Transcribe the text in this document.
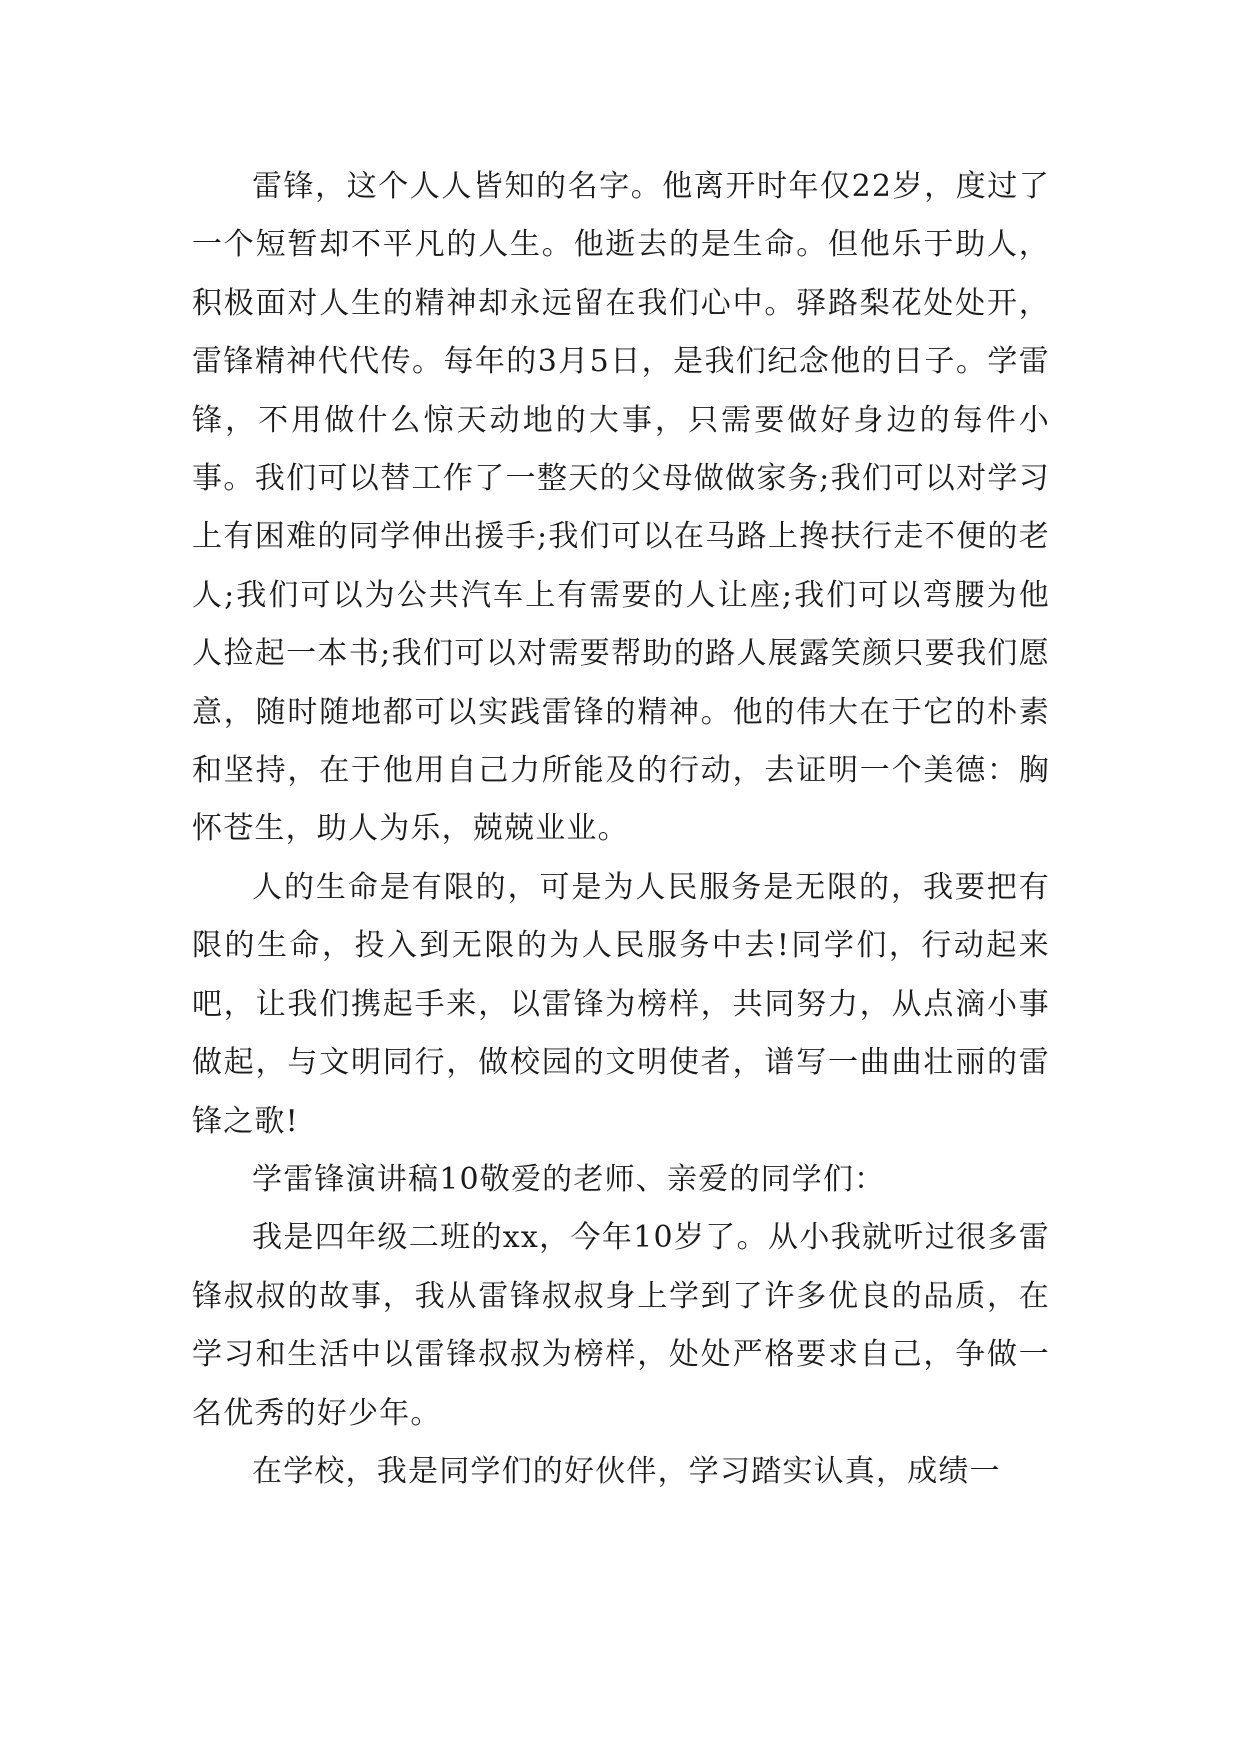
雷锋，这个人人皆知的名字。他离开时年仅22岁，度过了一个短暂却不平凡的人生。他逝去的是生命。但他乐于助人，积极面对人生的精神却永远留在我们心中。驿路梨花处处开，雷锋精神代代传。每年的3月5日，是我们纪念他的日子。学雷锋，不用做什么惊天动地的大事，只需要做好身边的每件小事。我们可以替工作了一整天的父母做做家务;我们可以对学习上有困难的同学伸出援手;我们可以在马路上搀扶行走不便的老人;我们可以为公共汽车上有需要的人让座;我们可以弯腰为他人捡起一本书;我们可以对需要帮助的路人展露笑颜只要我们愿意，随时随地都可以实践雷锋的精神。他的伟大在于它的朴素和坚持，在于他用自己力所能及的行动，去证明一个美德：胸怀苍生，助人为乐，兢兢业业。

人的生命是有限的，可是为人民服务是无限的，我要把有限的生命，投入到无限的为人民服务中去!同学们，行动起来吧，让我们携起手来，以雷锋为榜样，共同努力，从点滴小事做起，与文明同行，做校园的文明使者，谱写一曲曲壮丽的雷锋之歌!

学雷锋演讲稿10敬爱的老师、亲爱的同学们：

我是四年级二班的xx，今年10岁了。从小我就听过很多雷锋叔叔的故事，我从雷锋叔叔身上学到了许多优良的品质，在学习和生活中以雷锋叔叔为榜样，处处严格要求自己，争做一名优秀的好少年。

在学校，我是同学们的好伙伴，学习踏实认真，成绩一
